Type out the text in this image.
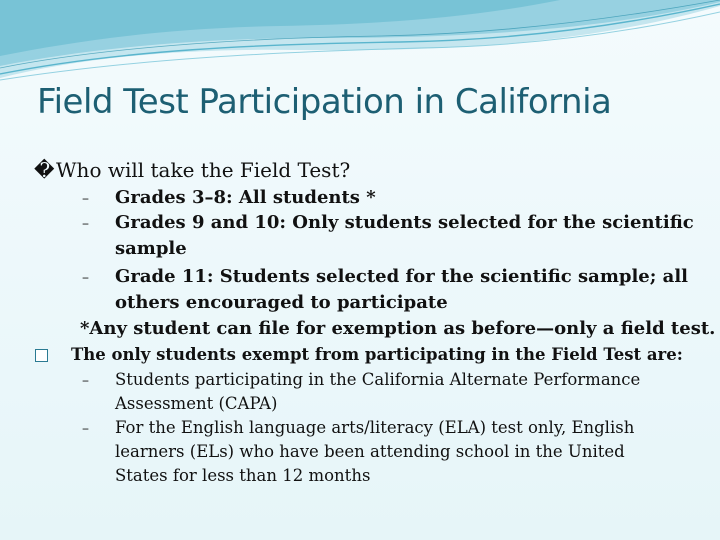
Field Test Participation in California
� Who will take the Field Test?
– Grades 3–8: All students *
– Grades 9 and 10: Only students selected for the scientific
sample
– Grade 11: Students selected for the scientific sample; all
others encouraged to participate
*Any student can file for exemption as before—only a field test.
The only students exempt from participating in the Field Test are:
– Students participating in the California Alternate Performance
Assessment (CAPA)
– For the English language arts/literacy (ELA) test only, English
learners (ELs) who have been attending school in the United
States for less than 12 months
